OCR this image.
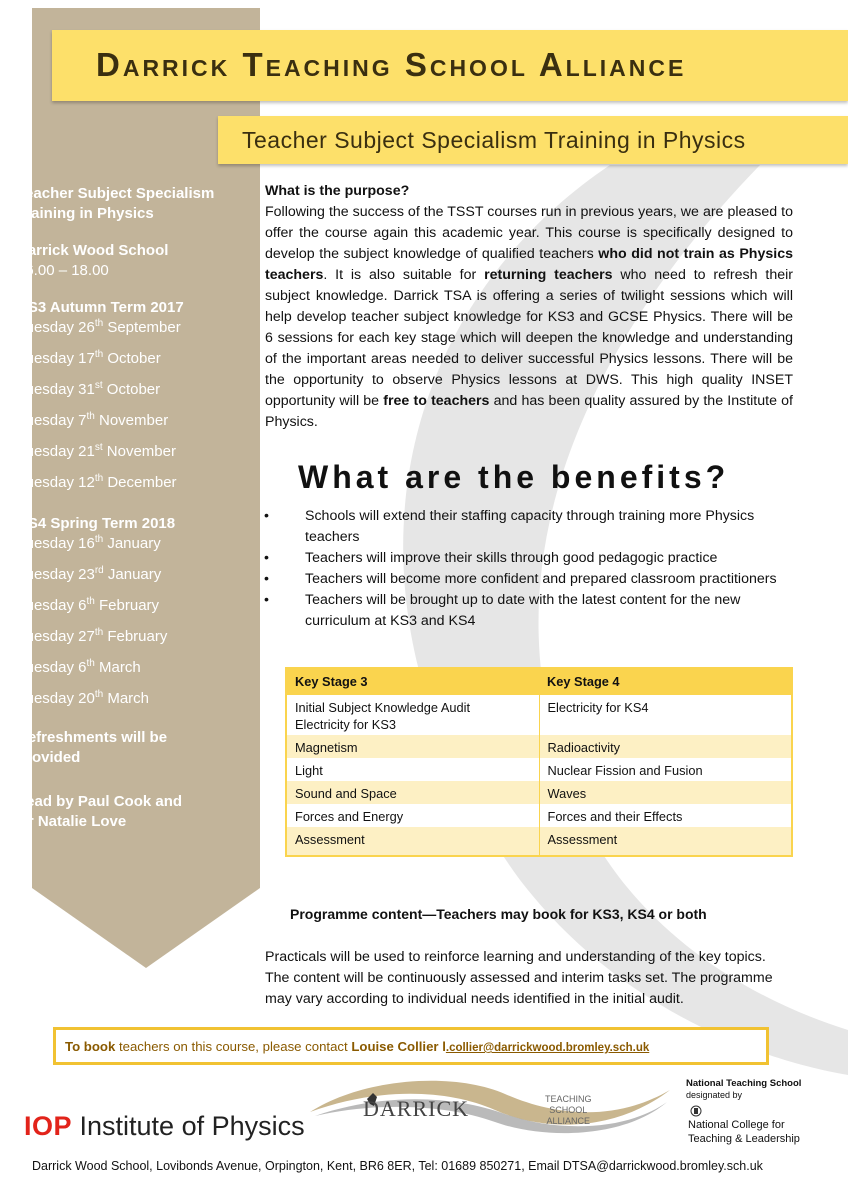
Teacher Subject Specialism
Training in Physics
Darrick Wood School
16.00 – 18.00
KS3 Autumn Term 2017
Tuesday 26th September
Tuesday 17th October
Tuesday 31st October
Tuesday 7th November
Tuesday 21st November
Tuesday 12th December
KS4 Spring Term 2018
Tuesday 16th January
Tuesday 23rd January
Tuesday 6th February
Tuesday 27th February
Tuesday 6th March
Tuesday 20th March
Refreshments will be provided
Lead by Paul Cook and
Dr Natalie Love
Darrick Teaching School Alliance
Teacher Subject Specialism Training in Physics
What is the purpose?

Following the success of the TSST courses run in previous years, we are pleased to offer the course again this academic year. This course is specifically designed to develop the subject knowledge of qualified teachers who did not train as Physics teachers. It is also suitable for returning teachers who need to refresh their subject knowledge. Darrick TSA is offering a series of twilight sessions which will help develop teacher subject knowledge for KS3 and GCSE Physics. There will be 6 sessions for each key stage which will deepen the knowledge and understanding of the important areas needed to deliver successful Physics lessons. There will be the opportunity to observe Physics lessons at DWS. This high quality INSET opportunity will be free to teachers and has been quality assured by the Institute of Physics.

What are the benefits?
• Schools will extend their staffing capacity through training more Physics teachers
• Teachers will improve their skills through good pedagogic practice
• Teachers will become more confident and prepared classroom practitioners
• Teachers will be brought up to date with the latest content for the new curriculum at KS3 and KS4
Key Stage 3	Key Stage 4
Initial Subject Knowledge Audit
Electricity for KS3	Electricity for KS4
Magnetism	Radioactivity
Light	Nuclear Fission and Fusion
Sound and Space	Waves
Forces and Energy	Forces and their Effects
Assessment	Assessment
Programme content—Teachers may book for KS3, KS4 or both

Practicals will be used to reinforce learning and understanding of the key topics. The content will be continuously assessed and interim tasks set. The programme may vary according to individual needs identified in the initial audit.

To book teachers on this course, please contact Louise Collier l.collier@darrickwood.bromley.sch.uk
IOP Institute of Physics
DARRICK	TEACHING
SCHOOL
ALLIANCE
National Teaching School
designated by
National College for
Teaching & Leadership
Darrick Wood School, Lovibonds Avenue, Orpington, Kent, BR6 8ER, Tel: 01689 850271, Email DTSA@darrickwood.bromley.sch.uk
